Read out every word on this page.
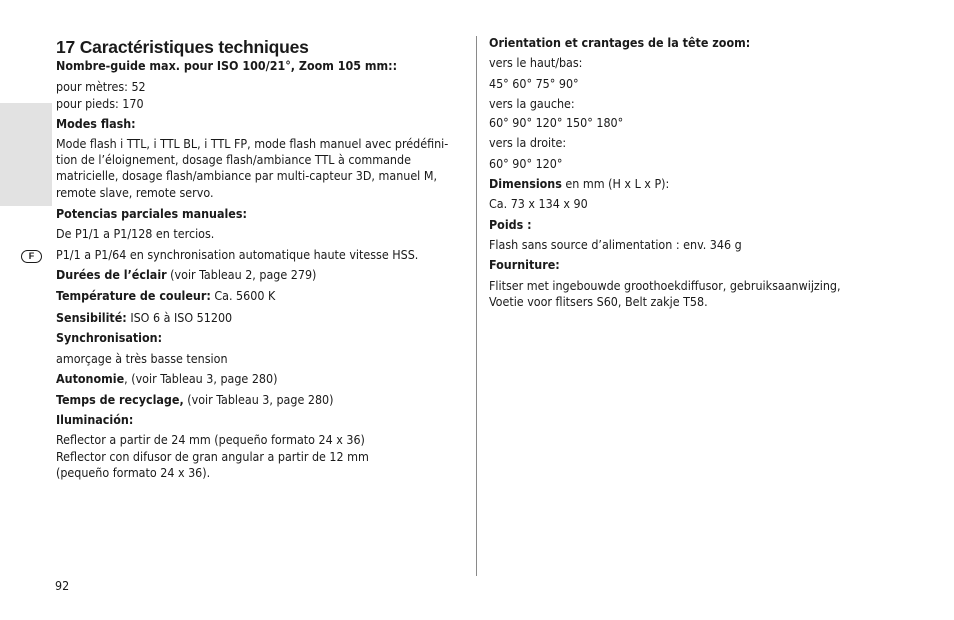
F
17 Caractéristiques techniques

Nombre-guide max. pour ISO 100/21°, Zoom 105 mm::

pour mètres: 52

pour pieds: 170

Modes flash:

Mode flash i TTL, i TTL BL, i TTL FP, mode flash manuel avec prédéfini-

tion de l’éloignement, dosage flash/ambiance TTL à commande

matricielle, dosage flash/ambiance par multi-capteur 3D, manuel M,

remote slave, remote servo.

Potencias parciales manuales:

De P1/1 a P1/128 en tercios.

P1/1 a P1/64 en synchronisation automatique haute vitesse HSS.

Durées de l’éclair (voir Tableau 2, page 279)

Température de couleur: Ca. 5600 K

Sensibilité: ISO 6 à ISO 51200

Synchronisation:

amorçage à très basse tension

Autonomie, (voir Tableau 3, page 280)

Temps de recyclage, (voir Tableau 3, page 280)

Iluminación:

Reflector a partir de 24 mm (pequeño formato 24 x 36)

Reflector con difusor de gran angular a partir de 12 mm

(pequeño formato 24 x 36).

Orientation et crantages de la tête zoom:

vers le haut/bas:

45° 60° 75° 90°

vers la gauche:

60° 90° 120° 150° 180°

vers la droite:

60° 90° 120°

Dimensions en mm (H x L x P):

Ca. 73 x 134 x 90

Poids :

Flash sans source d’alimentation : env. 346 g

Fourniture:

Flitser met ingebouwde groothoekdiffusor, gebruiksaanwijzing,

Voetie voor flitsers S60, Belt zakje T58.

92
